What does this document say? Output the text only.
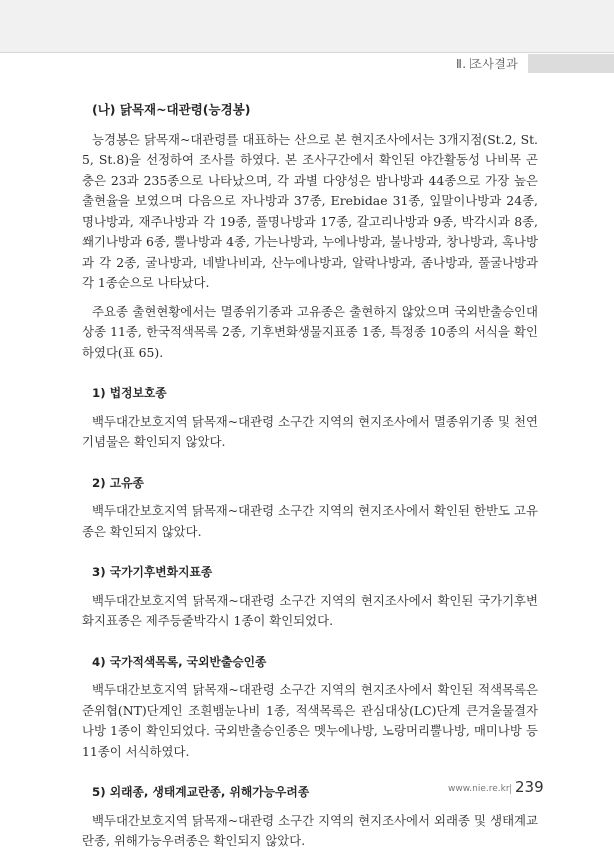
Ⅱ. 조사결과
(나) 닭목재~대관령(능경봉)

능경봉은 닭목재~대관령를 대표하는 산으로 본 현지조사에서는 3개지점(St.2, St.5, St.8)을 선정하여 조사를 하였다. 본 조사구간에서 확인된 야간활동성 나비목 곤충은 23과 235종으로 나타났으며, 각 과별 다양성은 밤나방과 44종으로 가장 높은 출현율을 보였으며 다음으로 자나방과 37종, Erebidae 31종, 잎말이나방과 24종, 명나방과, 재주나방과 각 19종, 풀명나방과 17종, 갈고리나방과 9종, 박각시과 8종, 쐐기나방과 6종, 뿔나방과 4종, 가는나방과, 누에나방과, 불나방과, 창나방과, 혹나방과 각 2종, 굴나방과, 네발나비과, 산누에나방과, 알락나방과, 좀나방과, 풀굴나방과 각 1종순으로 나타났다.

주요종 출현현황에서는 멸종위기종과 고유종은 출현하지 않았으며 국외반출승인대상종 11종, 한국적색목록 2종, 기후변화생물지표종 1종, 특정종 10종의 서식을 확인하였다(표 65).

1) 법정보호종

백두대간보호지역 닭목재~대관령 소구간 지역의 현지조사에서 멸종위기종 및 천연기념물은 확인되지 않았다.

2) 고유종

백두대간보호지역 닭목재~대관령 소구간 지역의 현지조사에서 확인된 한반도 고유종은 확인되지 않았다.

3) 국가기후변화지표종

백두대간보호지역 닭목재~대관령 소구간 지역의 현지조사에서 확인된 국가기후변화지표종은 제주등줄박각시 1종이 확인되었다.

4) 국가적색목록, 국외반출승인종

백두대간보호지역 닭목재~대관령 소구간 지역의 현지조사에서 확인된 적색목록은 준위협(NT)단계인 조흰뱀눈나비 1종, 적색목록은 관심대상(LC)단계 큰겨울물결자나방 1종이 확인되었다. 국외반출승인종은 멧누에나방, 노랑머리뿔나방, 매미나방 등 11종이 서식하였다.

5) 외래종, 생태계교란종, 위해가능우려종

백두대간보호지역 닭목재~대관령 소구간 지역의 현지조사에서 외래종 및 생태계교란종, 위해가능우려종은 확인되지 않았다.

www.nie.re.kr 239
